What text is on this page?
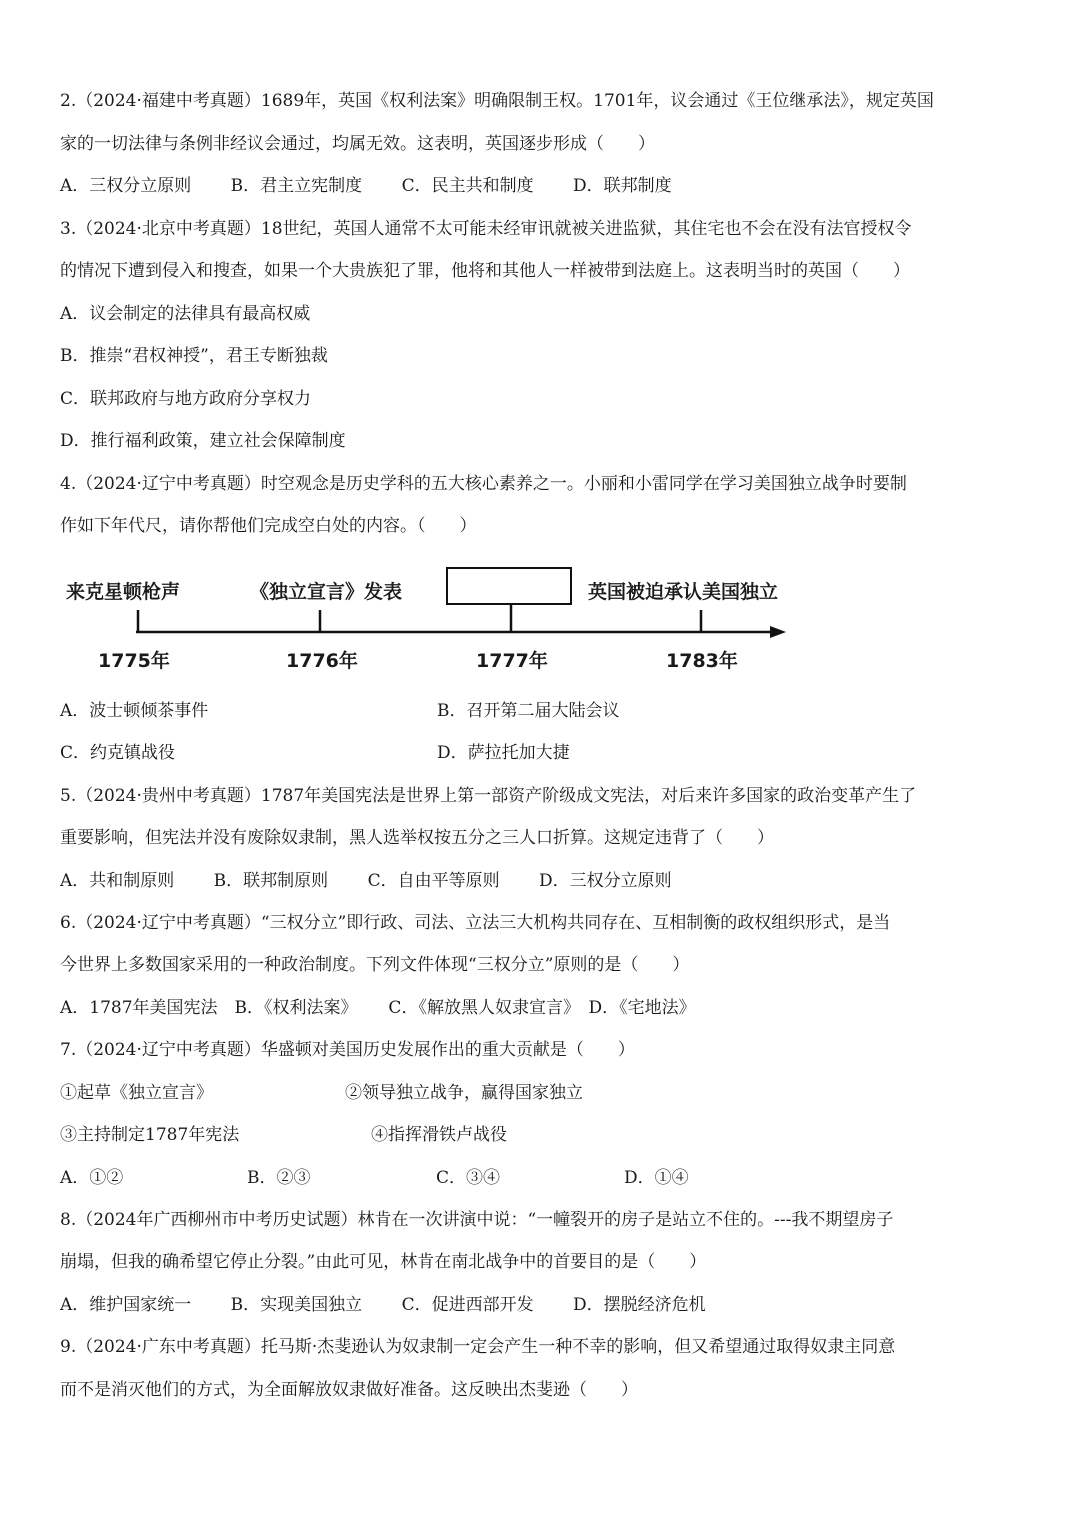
2.（2024·福建中考真题）1689年，英国《权利法案》明确限制王权。1701年，议会通过《王位继承法》，规定英国
家的一切法律与条例非经议会通过，均属无效。这表明，英国逐步形成（　　）
A．三权分立原则　　 B．君主立宪制度　　 C．民主共和制度　　 D．联邦制度
3.（2024·北京中考真题）18世纪，英国人通常不太可能未经审讯就被关进监狱，其住宅也不会在没有法官授权令
的情况下遭到侵入和搜查，如果一个大贵族犯了罪，他将和其他人一样被带到法庭上。这表明当时的英国（　　）
A．议会制定的法律具有最高权威
B．推崇“君权神授”，君王专断独裁
C．联邦政府与地方政府分享权力
D．推行福利政策，建立社会保障制度
4.（2024·辽宁中考真题）时空观念是历史学科的五大核心素养之一。小丽和小雷同学在学习美国独立战争时要制
作如下年代尺，请你帮他们完成空白处的内容。（　　）
来克星顿枪声	《独立宣言》发表	英国被迫承认美国独立
1775年	1776年	1777年	1783年
A．波士顿倾茶事件	B．召开第二届大陆会议
C．约克镇战役	D．萨拉托加大捷
5.（2024·贵州中考真题）1787年美国宪法是世界上第一部资产阶级成文宪法，对后来许多国家的政治变革产生了
重要影响，但宪法并没有废除奴隶制，黑人选举权按五分之三人口折算。这规定违背了（　　）
A．共和制原则　　 B．联邦制原则　　 C．自由平等原则　　 D．三权分立原则
6.（2024·辽宁中考真题）“三权分立”即行政、司法、立法三大机构共同存在、互相制衡的政权组织形式，是当
今世界上多数国家采用的一种政治制度。下列文件体现“三权分立”原则的是（　　）
A．1787年美国宪法　B．《权利法案》　　 C．《解放黑人奴隶宣言》　D．《宅地法》
7.（2024·辽宁中考真题）华盛顿对美国历史发展作出的重大贡献是（　　）
①起草《独立宣言》	②领导独立战争，赢得国家独立
③主持制定1787年宪法	④指挥滑铁卢战役
A．①②	B．②③	C．③④	D．①④
8.（2024年广西柳州市中考历史试题）林肯在一次讲演中说：“一幢裂开的房子是站立不住的。---我不期望房子
崩塌，但我的确希望它停止分裂。”由此可见，林肯在南北战争中的首要目的是（　　）
A．维护国家统一　　 B．实现美国独立　　 C．促进西部开发　　 D．摆脱经济危机
9.（2024·广东中考真题）托马斯·杰斐逊认为奴隶制一定会产生一种不幸的影响，但又希望通过取得奴隶主同意
而不是消灭他们的方式，为全面解放奴隶做好准备。这反映出杰斐逊（　　）
